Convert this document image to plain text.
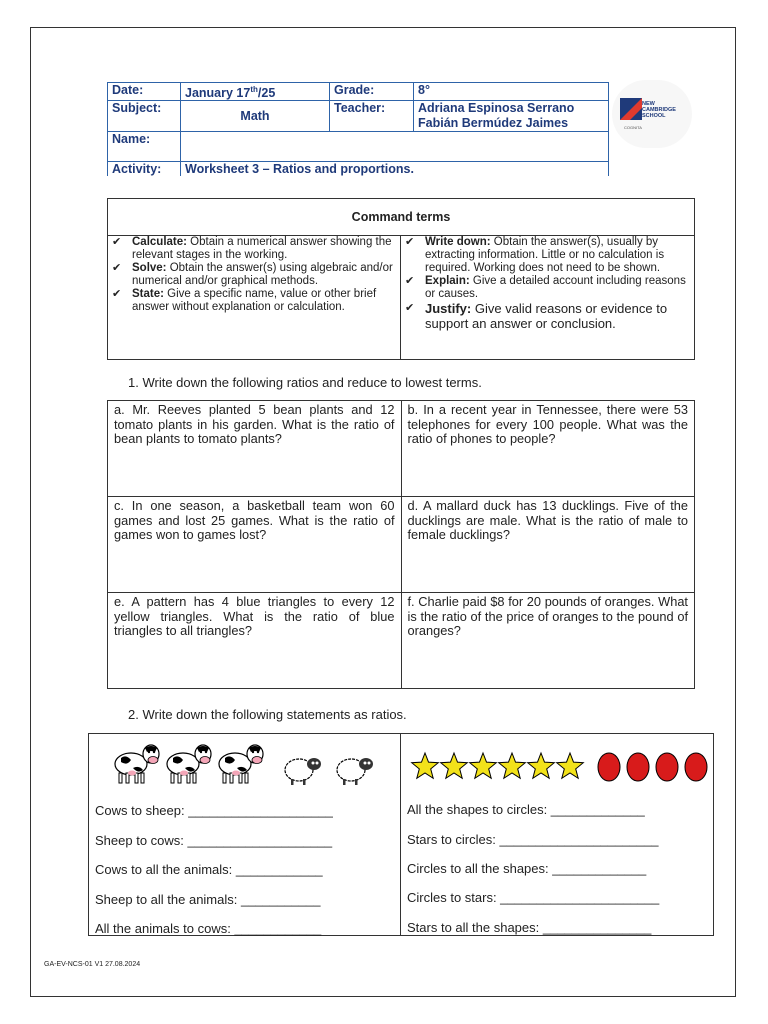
Date:	January 17th/25	Grade:	8°
Subject:	Math	Teacher:	Adriana Espinosa Serrano
Fabián Bermúdez Jaimes

Name:			
Activity:	Worksheet 3 – Ratios and proportions.		
NEW
CAMBRIDGE
SCHOOL
COGNITA
Command terms
✔ Calculate: Obtain a numerical answer showing the relevant stages in the working.
✔ Solve: Obtain the answer(s) using algebraic and/or numerical and/or graphical methods.
✔ State: Give a specific name, value or other brief answer without explanation or calculation.
✔ Write down: Obtain the answer(s), usually by extracting information. Little or no calculation is required. Working does not need to be shown.
✔ Explain: Give a detailed account including reasons or causes.
✔ Justify: Give valid reasons or evidence to support an answer or conclusion.
1. Write down the following ratios and reduce to lowest terms.
a. Mr. Reeves planted 5 bean plants and 12 tomato plants in his garden. What is the ratio of bean plants to tomato plants?	b. In a recent year in Tennessee, there were 53 telephones for every 100 people. What was the ratio of phones to people?
c. In one season, a basketball team won 60 games and lost 25 games. What is the ratio of games won to games lost?	d. A mallard duck has 13 ducklings. Five of the ducklings are male. What is the ratio of male to female ducklings?
e. A pattern has 4 blue triangles to every 12 yellow triangles. What is the ratio of blue triangles to all triangles?	f. Charlie paid $8 for 20 pounds of oranges. What is the ratio of the price of oranges to the pound of oranges?
2. Write down the following statements as ratios.
Cows to sheep: ____________________
Sheep to cows: ____________________
Cows to all the animals: ____________
Sheep to all the animals: ___________
All the animals to cows: ____________
All the shapes to circles: _____________
Stars to circles: ______________________
Circles to all the shapes: _____________
Circles to stars: ______________________
Stars to all the shapes: _______________
GA-EV-NCS-01 V1 27.08.2024
